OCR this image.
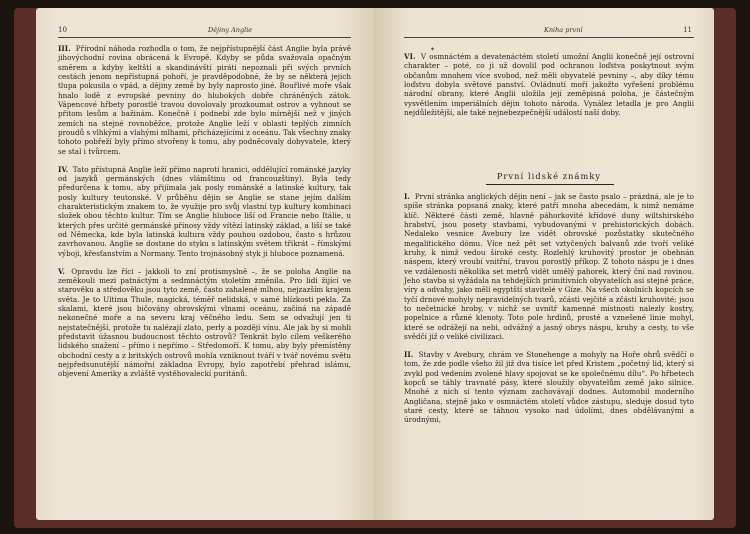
10	Dějiny Anglie

III. Přírodní náhoda rozhodla o tom, že nejpřístupnější část Anglie byla právě jihovýchodní rovina obrácená k Evropě. Kdyby se půda svažovala opačným směrem a kdyby keltští a skandinávští piráti nepoznali při svých prvních cestách jenom nepřístupná pohoří, je pravděpodobné, že by se některá jejich tlupa pokusila o vpád, a dějiny země by byly naprosto jiné. Bouřlivé moře však hnalo lodě z evropské pevniny do hlubokých dobře chráněných zátok. Vápencové hřbety porostlé travou dovolovaly prozkoumat ostrov a vyhnout se přitom lesům a bažinám. Konečně i podnebí zde bylo mírnější než v jiných zemích na stejné rovnoběžce, protože Anglie leží v oblasti teplých zimních proudů s vlhkými a vlahými mlhami, přicházejícími z oceánu. Tak všechny znaky tohoto pobřeží byly přímo stvořeny k tomu, aby podněcovaly dobyvatele, který se stal i tvůrcem.

IV. Tato přístupná Anglie leží přímo naproti hranici, oddělující románské jazyky od jazyků germánských (dnes vlámštinu od francouzštiny). Byla tedy předurčena k tomu, aby přijímala jak posly románské a latinské kultury, tak posly kultury teutonské. V průběhu dějin se Anglie se stane jejím dalším charakteristickým znakem to, že využije pro svůj vlastní typ kultury kombinaci složek obou těchto kultur. Tím se Anglie hluboce liší od Francie nebo Itálie, u kterých přes určité germánské přínosy vždy vítězí latinský základ, a liší se také od Německa, kde byla latinská kultura vždy pouhou ozdobou, často s hrůzou zavrhovanou. Anglie se dostane do styku s latinským světem třikrát – římskými výboji, křesťanstvím a Normany. Tento trojnásobný styk ji hluboce poznamená.

V. Opravdu lze říci – jakkoli to zní protismyslně –, že se poloha Anglie na zeměkouli mezi patnáctým a sedmnáctým stoletím změnila. Pro lidi žijící ve starověku a středověku jsou tyto země, často zahalené mlhou, nejzazším krajem světa. Je to Ultima Thule, magická, téměř nelidská, v samé blízkosti pekla. Za skalami, které jsou bičovány obrovskými vlnami oceánu, začíná na západě nekonečné moře a na severu kraj věčného ledu. Sem se odvažují jen ti nejstatečnější, protože tu nalézají zlato, perly a později vínu. Ale jak by si mohli představit úžasnou budoucnost těchto ostrovů? Tenkrát bylo cílem veškerého lidského snažení – přímo i nepřímo – Středomoří. K tomu, aby byly přemístěny obchodní cesty a z britských ostrovů mohla vzniknout tváří v tvář novému světu nejpředsunutější námořní základna Evropy, bylo zapotřebí přehrad islámu, objevení Ameriky a zvláště vystěhovaleckí puritánů.

Kniha první	11
✦

VI. V osmnáctém a devatenáctém století umožní Anglii konečně její ostrovní charakter – poté, co ji už dovolil pod ochranou loďstva poskytnout svým občanům mnohem více svobod, než měli obyvatelé pevniny –, aby díky tému loďstvu dobyla světové panství. Ovládnutí moří jakožto vyřešení problému národní obrany, které Anglii uložila její zeměpisná poloha, je částečným vysvětlením imperiálních dějin tohoto národa. Vynález letadla je pro Anglii nejdůležitější, ale také nejnebezpečnější událostí naší doby.

První lidské známky

I. První stránka anglických dějin není – jak se často psalo – prázdná, ale je to spíše stránka popsaná znaky, které patří mnoha abecedám, k nimž nemáme klíč. Některé části země, hlavně páhorkovité křídové duny wiltshirského hrabství, jsou posety stavbami, vybudovanými v prehistorických dobách. Nedaleko vesnice Avebury lze vidět obrovské pozůstatky skutečného megalitického dómu. Více než pět set vztyčených balvanů zde tvoří veliké kruhy, k nimž vedou široké cesty. Rozlehlý kruhovitý prostor je obehnán náspem, který vroubí vnitřní, travou porostlý příkop. Z tohoto náspu je i dnes ve vzdálenosti několika set metrů vidět umělý pahorek, který ční nad rovinou. Jeho stavba si vyžádala na tehdejších primitivních obyvatelích asi stejné práce, víry a odvahy, jako měli egyptští stavitelé v Gíze. Na všech okolních kopcích se tyčí drnové mohyly nepravidelných tvarů, zčásti vejčité a zčásti kruhovité; jsou to nečetnické hroby, v nichž se uvnitř kamenné místnosti nalezly kostry, popelnice a různé klenoty. Toto pole hrdinů, prosté a vznešené linie mohyl, které se odrážejí na nebi, odvážný a jasný obrys náspu, kruhy a cesty, to vše svědčí již o veliké civilizaci.

II. Stavby v Avebury, chrám ve Stonehenge a mohyly na Hoře ohrů svědčí o tom, že zde podle všeho žil již dva tisíce let před Kristem „početný lid, který si zvykl pod vedením zvolené hlavy spojovat se ke společnému dílu“. Po hřbetech kopců se táhly travnaté pásy, které sloužily obyvatelům země jako silnice. Mnohé z nich si tento význam zachovávají dodnes. Automobil moderního Angličana, stejně jako v osmnáctém století vůdce zástupu, sleduje dosud tyto staré cesty, které se táhnou vysoko nad údolími, dnes obdělávanými a úrodnými,
